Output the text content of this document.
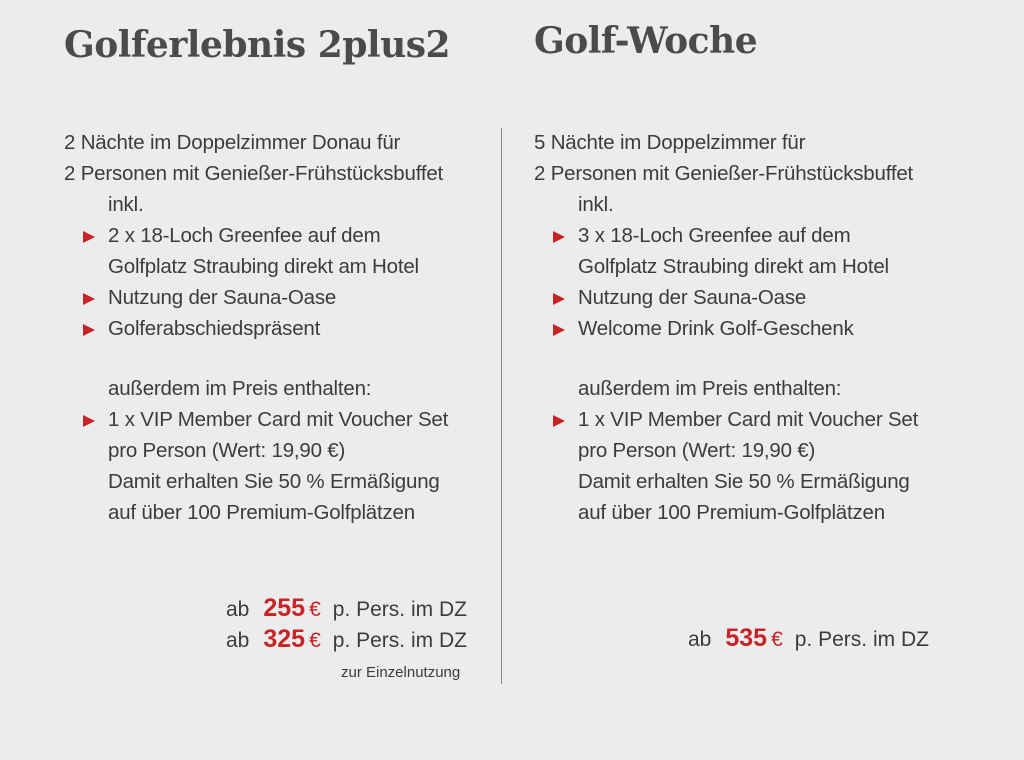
Golferlebnis 2plus2
2 Nächte im Doppelzimmer Donau für
2 Personen mit Genießer-Frühstücksbuffet
inkl.
2 x 18-Loch Greenfee auf dem
Golfplatz Straubing direkt am Hotel
Nutzung der Sauna-Oase
Golferabschiedspräsent
außerdem im Preis enthalten:
1 x VIP Member Card mit Voucher Set
pro Person (Wert: 19,90 €)
Damit erhalten Sie 50 % Ermäßigung
auf über 100 Premium-Golfplätzen
ab 255 € p. Pers. im DZ
ab 325 € p. Pers. im DZ
zur Einzelnutzung
Golf-Woche
5 Nächte im Doppelzimmer für
2 Personen mit Genießer-Frühstücksbuffet
inkl.
3 x 18-Loch Greenfee auf dem
Golfplatz Straubing direkt am Hotel
Nutzung der Sauna-Oase
Welcome Drink Golf-Geschenk
außerdem im Preis enthalten:
1 x VIP Member Card mit Voucher Set
pro Person (Wert: 19,90 €)
Damit erhalten Sie 50 % Ermäßigung
auf über 100 Premium-Golfplätzen
ab 535 € p. Pers. im DZ
